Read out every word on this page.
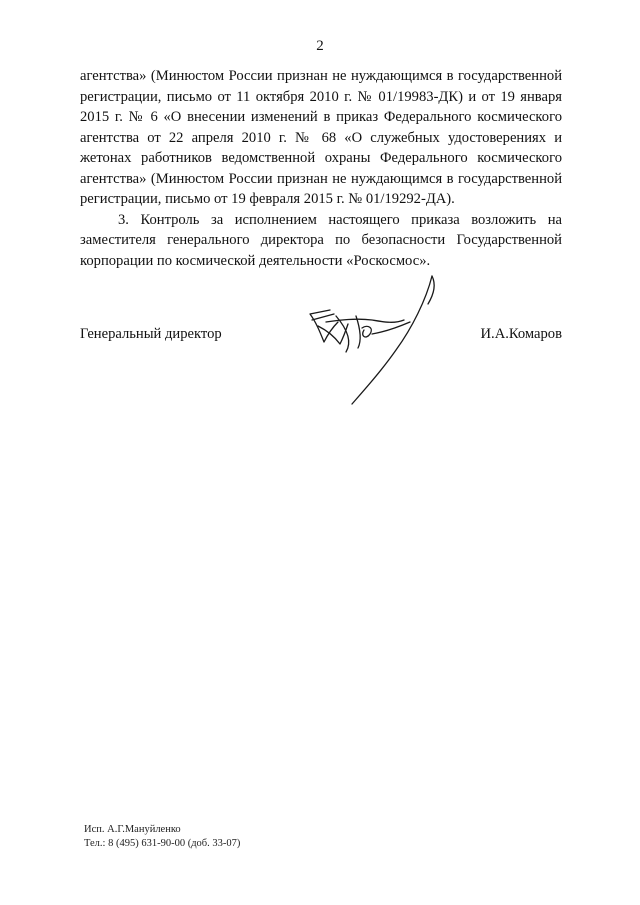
2

агентства» (Минюстом России признан не нуждающимся в государственной регистрации, письмо от 11 октября 2010 г. № 01/19983-ДК) и от 19 января 2015 г. № 6 «О внесении изменений в приказ Федерального космического агентства от 22 апреля 2010 г. № 68 «О служебных удостоверениях и жетонах работников ведомственной охраны Федерального космического агентства» (Минюстом России признан не нуждающимся в государственной регистрации, письмо от 19 февраля 2015 г. № 01/19292-ДА).

3. Контроль за исполнением настоящего приказа возложить на заместителя генерального директора по безопасности Государственной корпорации по космической деятельности «Роскосмос».

Генеральный директор	И.А.Комаров
Исп. А.Г.Мануйленко
Тел.: 8 (495) 631-90-00 (доб. 33-07)
